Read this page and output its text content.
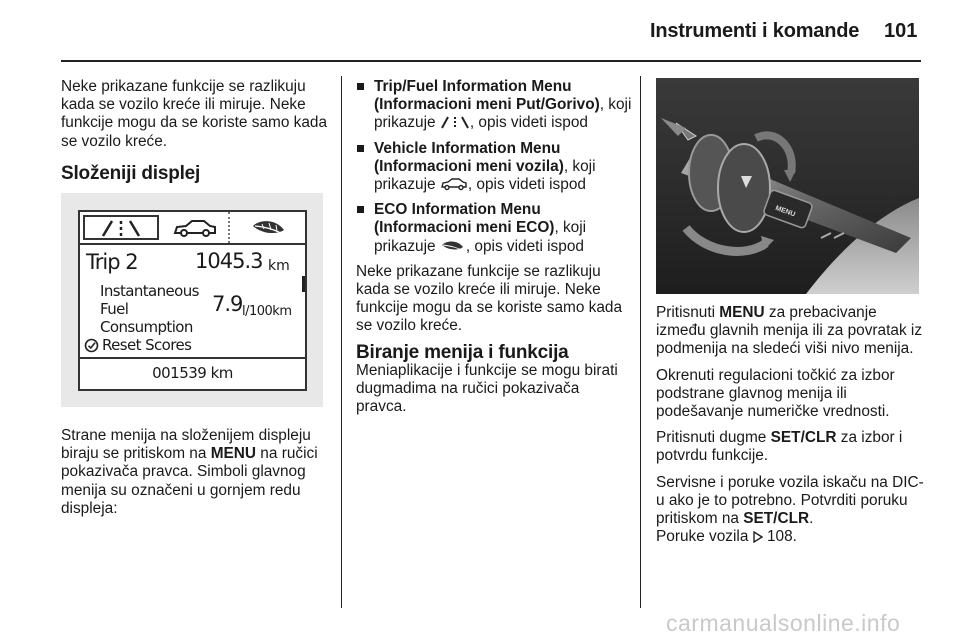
Instrumenti i komande 101

Neke prikazane funkcije se razlikuju kada se vozilo kreće ili miruje. Neke funkcije mogu da se koriste samo kada se vozilo kreće.

Složeniji displej
Trip 2	1045.3 km
Instantaneous
Fuel
Consumption
7.9 l/100km
Reset Scores
001539 km

Strane menija na složenijem displeju biraju se pritiskom na MENU na ručici pokazivača pravca. Simboli glavnog menija su označeni u gornjem redu displeja:

Trip/Fuel Information Menu (Informacioni meni Put/Gorivo), koji prikazuje , opis videti ispod
Vehicle Information Menu (Informacioni meni vozila), koji prikazuje , opis videti ispod
ECO Information Menu (Informacioni meni ECO), koji prikazuje , opis videti ispod

Neke prikazane funkcije se razlikuju kada se vozilo kreće ili miruje. Neke funkcije mogu da se koriste samo kada se vozilo kreće.

Biranje menija i funkcija

Meniaplikacije i funkcije se mogu birati dugmadima na ručici pokazivača pravca.

MENU

Pritisnuti MENU za prebacivanje između glavnih menija ili za povratak iz podmenija na sledeći viši nivo menija.

Okrenuti regulacioni točkić za izbor podstrane glavnog menija ili podešavanje numeričke vrednosti.

Pritisnuti dugme SET/CLR za izbor i potvrdu funkcije.

Servisne i poruke vozila iskaču na DIC-u ako je to potrebno. Potvrditi poruku pritiskom na SET/CLR.
Poruke vozila 108.

carmanualsonline.info
